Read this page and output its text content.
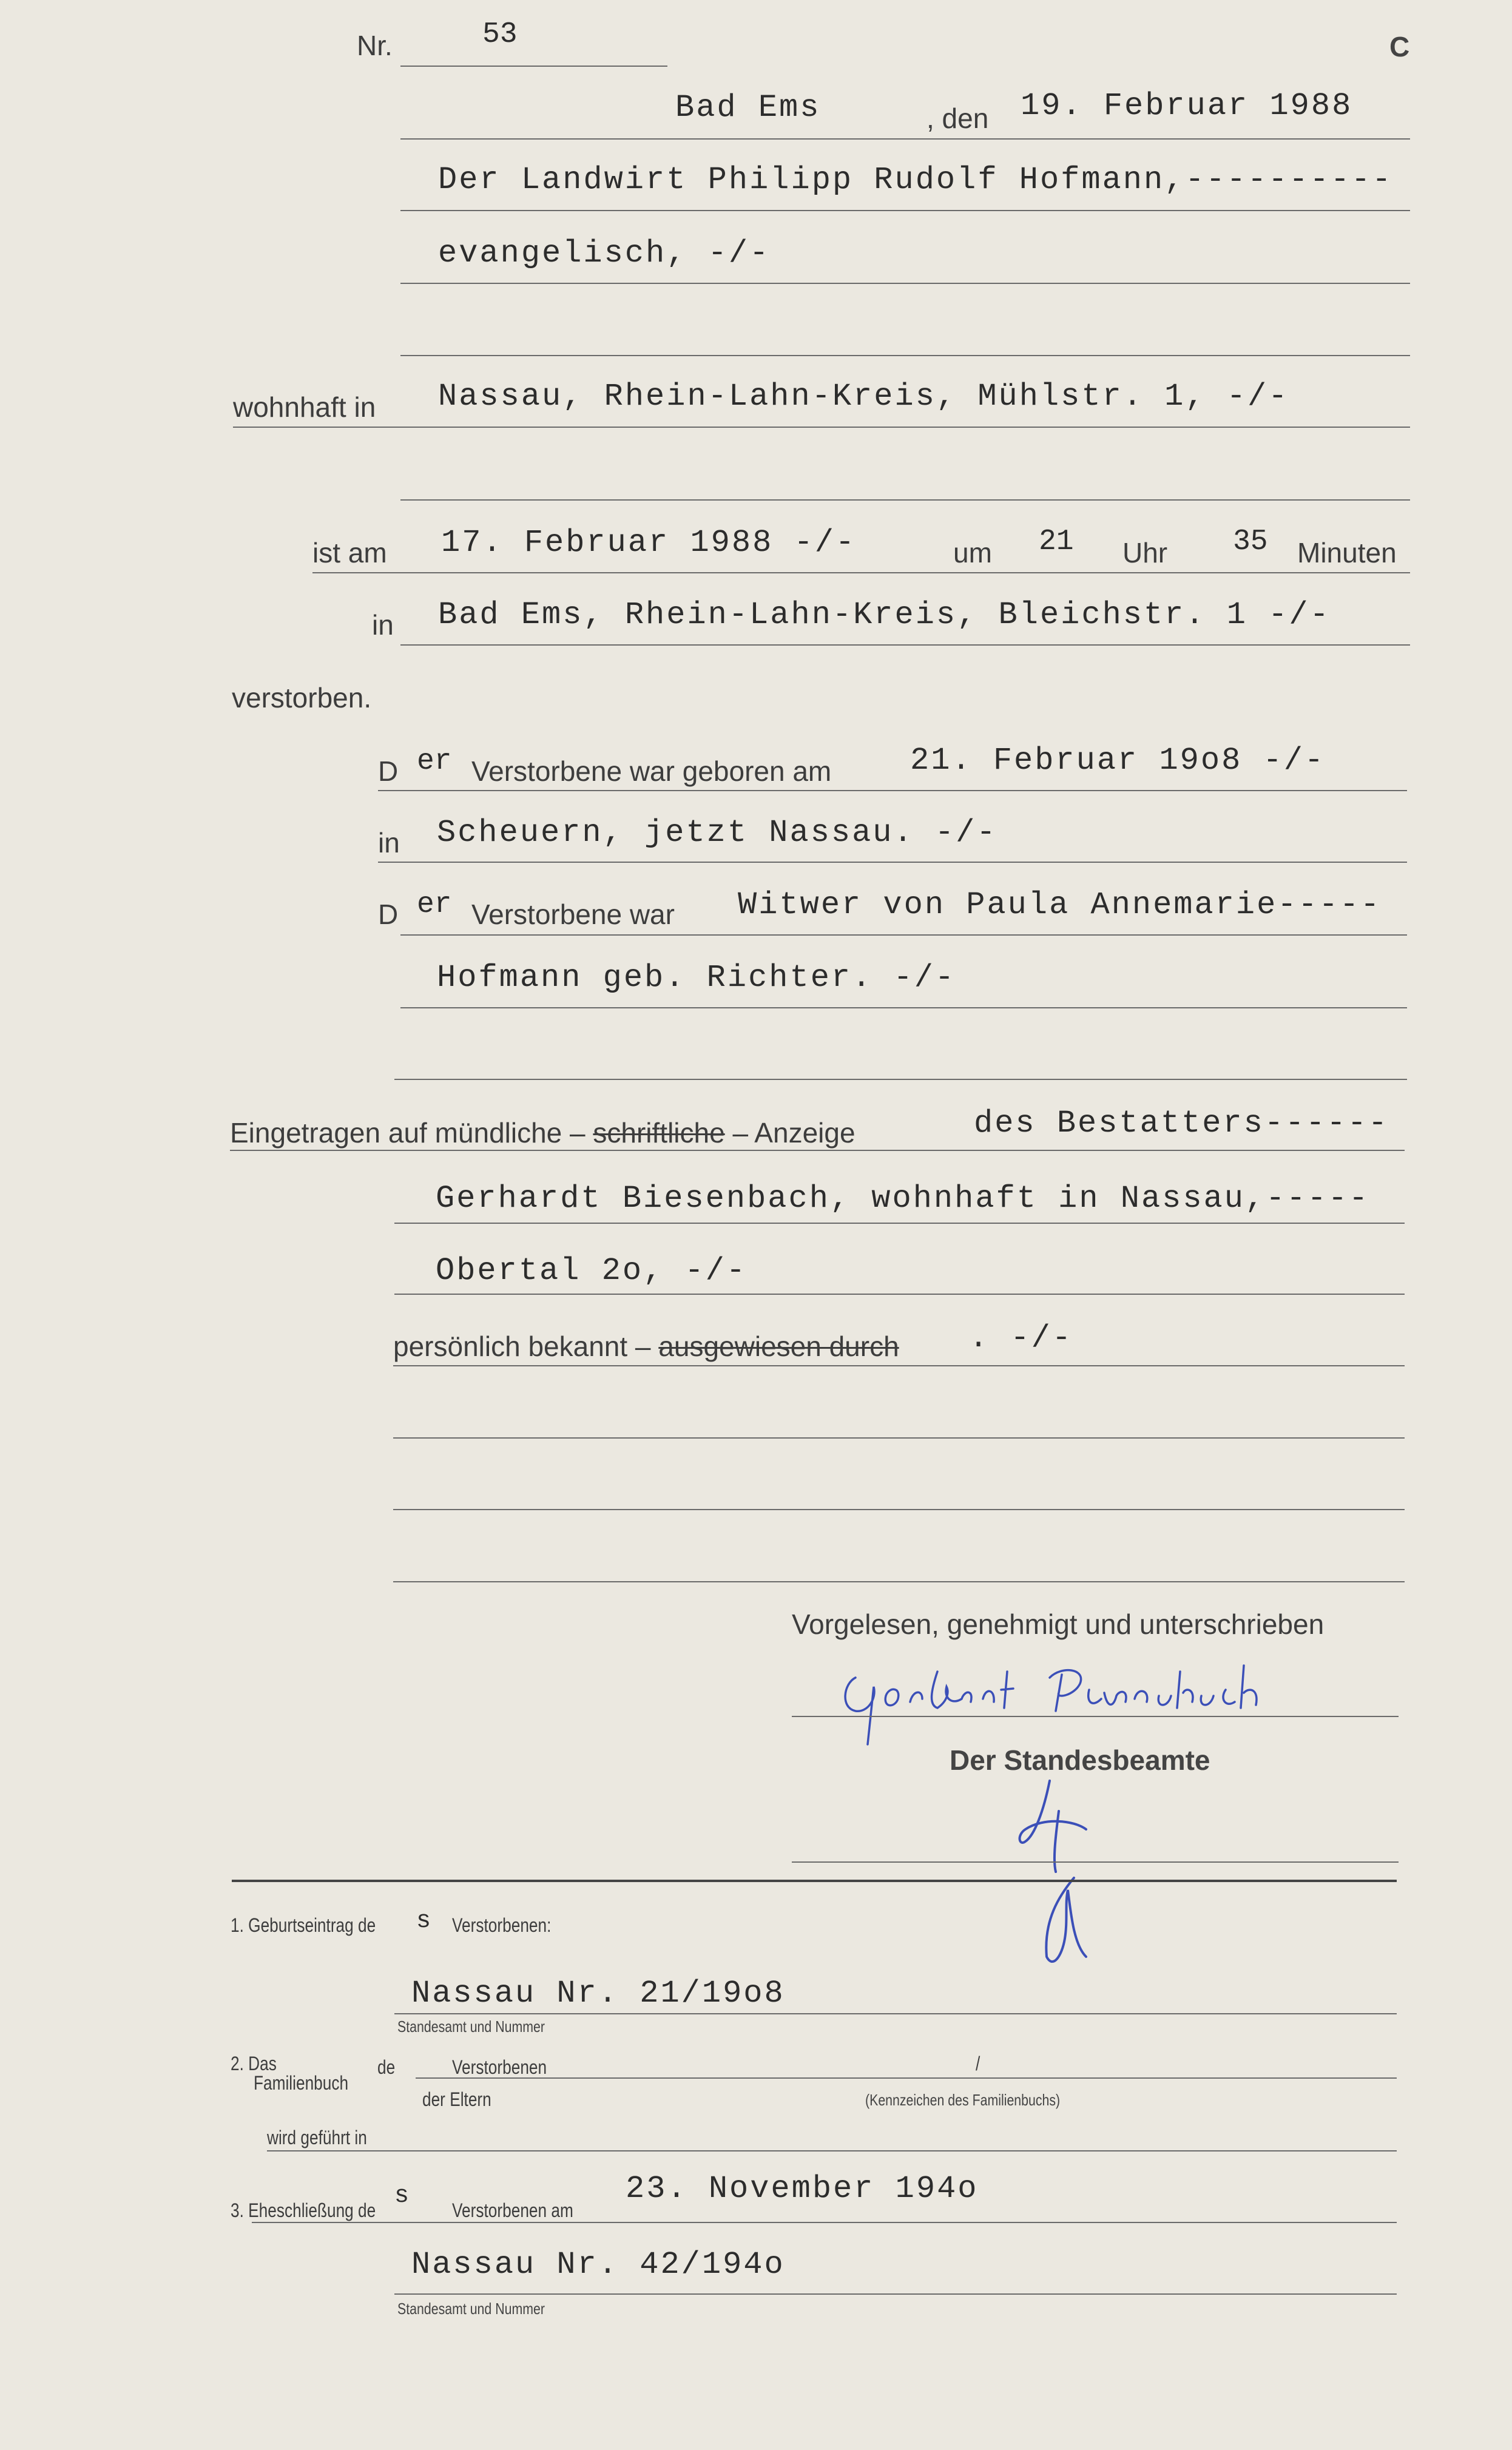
Nr.	53	C
Bad Ems	, den 19. Februar 1988
Der Landwirt Philipp Rudolf Hofmann,----------
evangelisch, -/-
wohnhaft in Nassau, Rhein-Lahn-Kreis, Mühlstr. 1, -/-
ist am 17. Februar 1988 -/-	um 21 Uhr 35 Minuten
in Bad Ems, Rhein-Lahn-Kreis, Bleichstr. 1 -/-
verstorben.
D er Verstorbene war geboren am 21. Februar 19o8 -/-
in Scheuern, jetzt Nassau. -/-
D er Verstorbene war Witwer von Paula Annemarie-----
Hofmann geb. Richter. -/-
Eingetragen auf mündliche – schriftliche – Anzeige	des Bestatters------
Gerhardt Biesenbach, wohnhaft in Nassau,-----
Obertal 2o, -/-
persönlich bekannt – ausgewiesen durch . -/-
Vorgelesen, genehmigt und unterschrieben
Der Standesbeamte
1. Geburtseintrag de s Verstorbenen:
Nassau Nr. 21/19o8
Standesamt und Nummer
2. Das
Familienbuch
de	Verstorbenen
der Eltern
/
(Kennzeichen des Familienbuchs)
wird geführt in
3. Eheschließung de
s
Verstorbenen am
23. November 194o
Nassau Nr. 42/194o
Standesamt und Nummer
